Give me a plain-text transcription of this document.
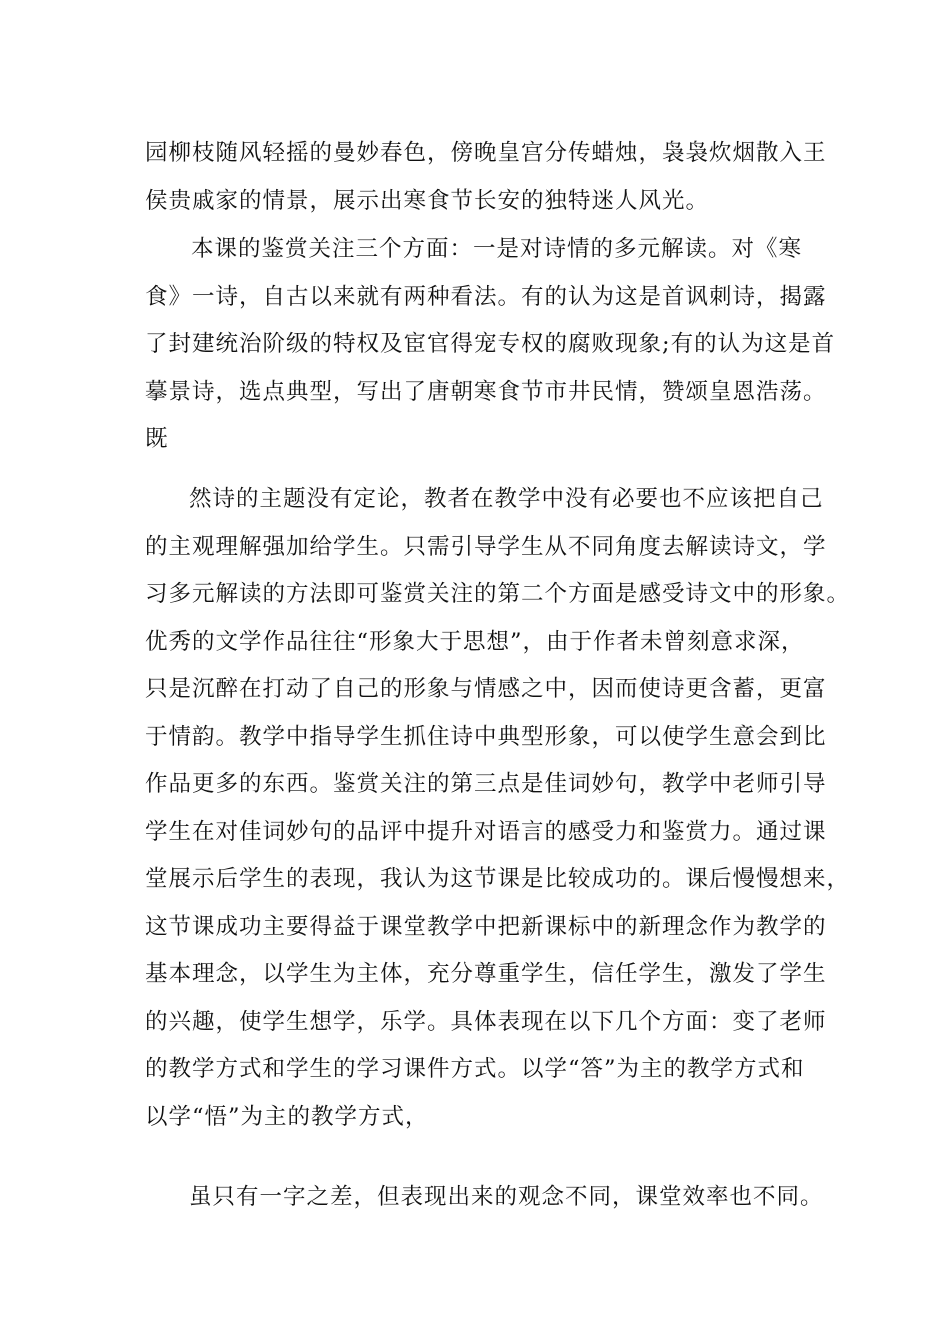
园柳枝随风轻摇的曼妙春色，傍晚皇宫分传蜡烛，袅袅炊烟散入王
侯贵戚家的情景，展示出寒食节长安的独特迷人风光。
本课的鉴赏关注三个方面：一是对诗情的多元解读。对《寒
食》一诗，自古以来就有两种看法。有的认为这是首讽刺诗，揭露
了封建统治阶级的特权及宦官得宠专权的腐败现象;有的认为这是首
摹景诗，选点典型，写出了唐朝寒食节市井民情，赞颂皇恩浩荡。
既
然诗的主题没有定论，教者在教学中没有必要也不应该把自己
的主观理解强加给学生。只需引导学生从不同角度去解读诗文，学
习多元解读的方法即可鉴赏关注的第二个方面是感受诗文中的形象。
优秀的文学作品往往“形象大于思想”，由于作者未曾刻意求深，
只是沉醉在打动了自己的形象与情感之中，因而使诗更含蓄，更富
于情韵。教学中指导学生抓住诗中典型形象，可以使学生意会到比
作品更多的东西。鉴赏关注的第三点是佳词妙句，教学中老师引导
学生在对佳词妙句的品评中提升对语言的感受力和鉴赏力。通过课
堂展示后学生的表现，我认为这节课是比较成功的。课后慢慢想来，
这节课成功主要得益于课堂教学中把新课标中的新理念作为教学的
基本理念，以学生为主体，充分尊重学生，信任学生，激发了学生
的兴趣，使学生想学，乐学。具体表现在以下几个方面：变了老师
的教学方式和学生的学习课件方式。以学“答”为主的教学方式和
以学“悟”为主的教学方式，
虽只有一字之差，但表现出来的观念不同，课堂效率也不同。
